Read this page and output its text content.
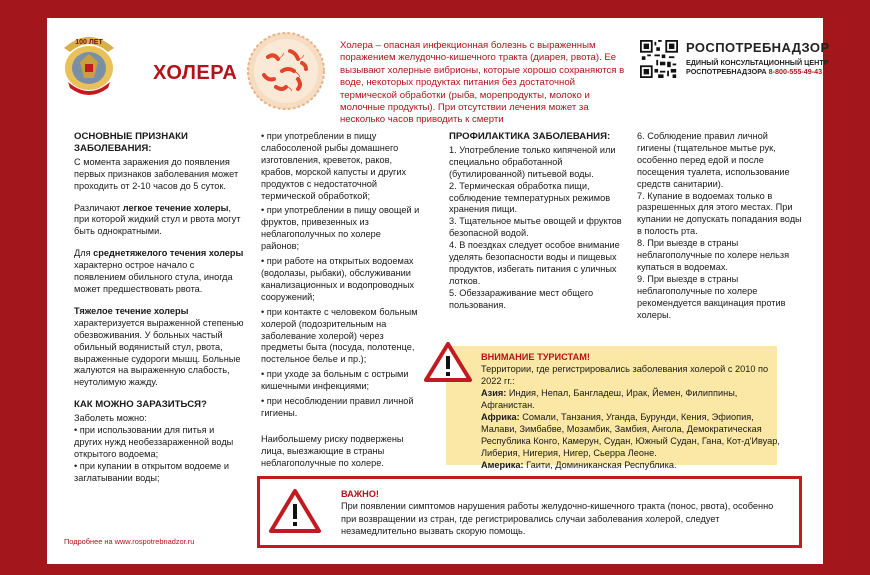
100 ЛЕТ
ХОЛЕРА

Холера – опасная инфекционная болезнь с выраженным поражением желудочно-кишечного тракта (диарея, рвота). Ее вызывают холерные вибрионы, которые хорошо сохраняются в воде, некоторых продуктах питания без достаточной термической обработки (рыба, морепродукты, молоко и молочные продукты). При отсутствии лечения может за несколько часов приводить к смерти

РОСПОТРЕБНАДЗОР
ЕДИНЫЙ КОНСУЛЬТАЦИОННЫЙ ЦЕНТР
РОСПОТРЕБНАДЗОРА 8-800-555-49-43
ОСНОВНЫЕ ПРИЗНАКИ ЗАБОЛЕВАНИЯ:

С момента заражения до появления первых признаков заболевания может проходить от 2-10 часов до 5 суток.

Различают легкое течение холеры, при которой жидкий стул и рвота могут быть однократными.

Для среднетяжелого течения холеры характерно острое начало с появлением обильного стула, иногда может предшествовать рвота.

Тяжелое течение холеры характеризуется выраженной степенью обезвоживания. У больных частый обильный водянистый стул, рвота, выраженные судороги мышц. Больные жалуются на выраженную слабость, неутолимую жажду.

КАК МОЖНО ЗАРАЗИТЬСЯ?
Заболеть можно:
• при использовании для питья и других нужд необеззараженной воды открытого водоема;
• при купании в открытом водоеме и заглатывании воды;
• при употреблении в пищу слабосоленой рыбы домашнего изготовления, креветок, раков, крабов, морской капусты и других продуктов с недостаточной термической обработкой;
• при употреблении в пищу овощей и фруктов, привезенных из неблагополучных по холере районов;
• при работе на открытых водоемах (водолазы, рыбаки), обслуживании канализационных и водопроводных сооружений;
• при контакте с человеком больным холерой (подозрительным на заболевание холерой) через предметы быта (посуда, полотенце, постельное белье и пр.);
• при уходе за больным с острыми кишечными инфекциями;
• при несоблюдении правил личной гигиены.

Наибольшему риску подвержены лица, выезжающие в страны неблагополучные по холере.

ПРОФИЛАКТИКА ЗАБОЛЕВАНИЯ:
1. Употребление только кипяченой или специально обработанной (бутилированной) питьевой воды.
2. Термическая обработка пищи, соблюдение температурных режимов хранения пищи.
3. Тщательное мытье овощей и фруктов безопасной водой.
4. В поездках следует особое внимание уделять безопасности воды и пищевых продуктов, избегать питания с уличных лотков.
5. Обеззараживание мест общего пользования.
6. Соблюдение правил личной гигиены (тщательное мытье рук, особенно перед едой и после посещения туалета, использование средств санитарии).
7. Купание в водоемах только в разрешенных для этого местах. При купании не допускать попадания воды в полость рта.
8. При выезде в страны неблагополучные по холере нельзя купаться в водоемах.
9. При выезде в страны неблагополучные по холере рекомендуется вакцинация против холеры.
ВНИМАНИЕ ТУРИСТАМ!
Территории, где регистрировались заболевания холерой с 2010 по 2022 гг.:
Азия: Индия, Непал, Бангладеш, Ирак, Йемен, Филиппины, Афганистан.
Африка: Сомали, Танзания, Уганда, Бурунди, Кения, Эфиопия, Малави, Зимбабве, Мозамбик, Замбия, Ангола, Демократическая Республика Конго, Камерун, Судан, Южный Судан, Гана, Кот-д'Ивуар, Либерия, Нигерия, Нигер, Сьерра Леоне.
Америка: Гаити, Доминиканская Республика.
ВАЖНО!
При появлении симптомов нарушения работы желудочно-кишечного тракта (понос, рвота), особенно при возвращении из стран, где регистрировались случаи заболевания холерой, следует незамедлительно вызвать скорую помощь.
Подробнее на www.rospotrebnadzor.ru
